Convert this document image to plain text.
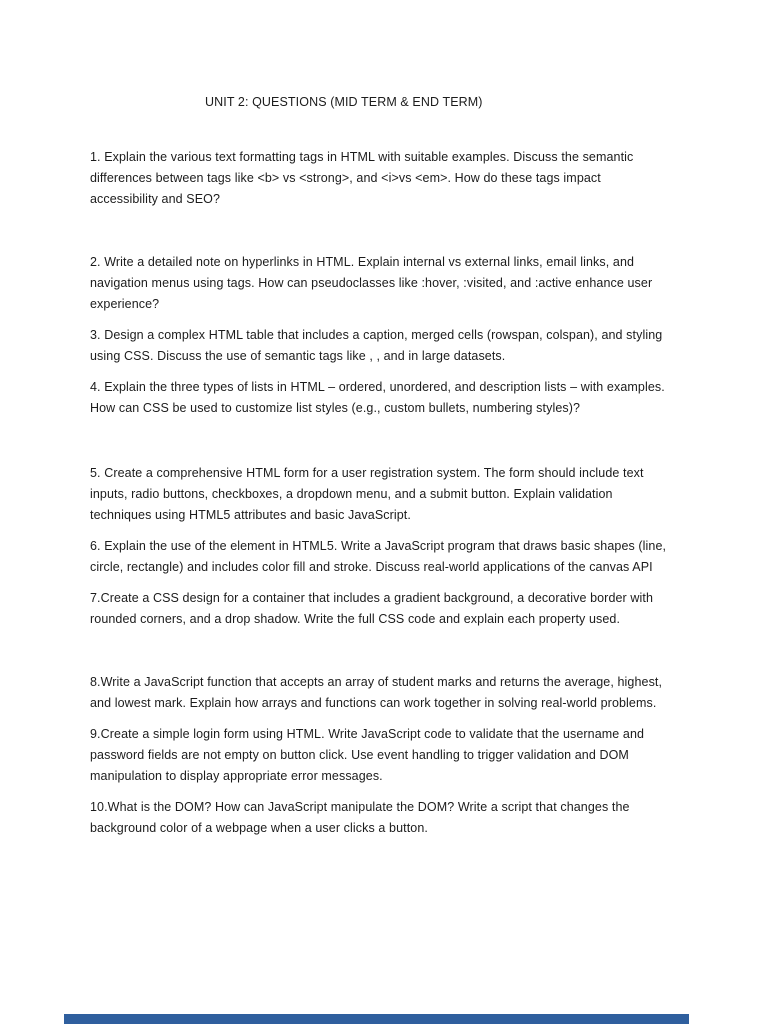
UNIT 2: QUESTIONS (MID TERM & END TERM)

1. Explain the various text formatting tags in HTML with suitable examples. Discuss the semantic differences between tags like <b> vs <strong>, and <i>vs <em>. How do these tags impact accessibility and SEO?

2. Write a detailed note on hyperlinks in HTML. Explain internal vs external links, email links, and navigation menus using tags. How can pseudoclasses like :hover, :visited, and :active enhance user experience?

3. Design a complex HTML table that includes a caption, merged cells (rowspan, colspan), and styling using CSS. Discuss the use of semantic tags like , , and in large datasets.

4. Explain the three types of lists in HTML – ordered, unordered, and description lists – with examples. How can CSS be used to customize list styles (e.g., custom bullets, numbering styles)?

5. Create a comprehensive HTML form for a user registration system. The form should include text inputs, radio buttons, checkboxes, a dropdown menu, and a submit button. Explain validation techniques using HTML5 attributes and basic JavaScript.

6. Explain the use of the element in HTML5. Write a JavaScript program that draws basic shapes (line, circle, rectangle) and includes color fill and stroke. Discuss real-world applications of the canvas API

7.Create a CSS design for a container that includes a gradient background, a decorative border with rounded corners, and a drop shadow. Write the full CSS code and explain each property used.

8.Write a JavaScript function that accepts an array of student marks and returns the average, highest, and lowest mark. Explain how arrays and functions can work together in solving real-world problems.

9.Create a simple login form using HTML. Write JavaScript code to validate that the username and password fields are not empty on button click. Use event handling to trigger validation and DOM manipulation to display appropriate error messages.

10.What is the DOM? How can JavaScript manipulate the DOM? Write a script that changes the background color of a webpage when a user clicks a button.
